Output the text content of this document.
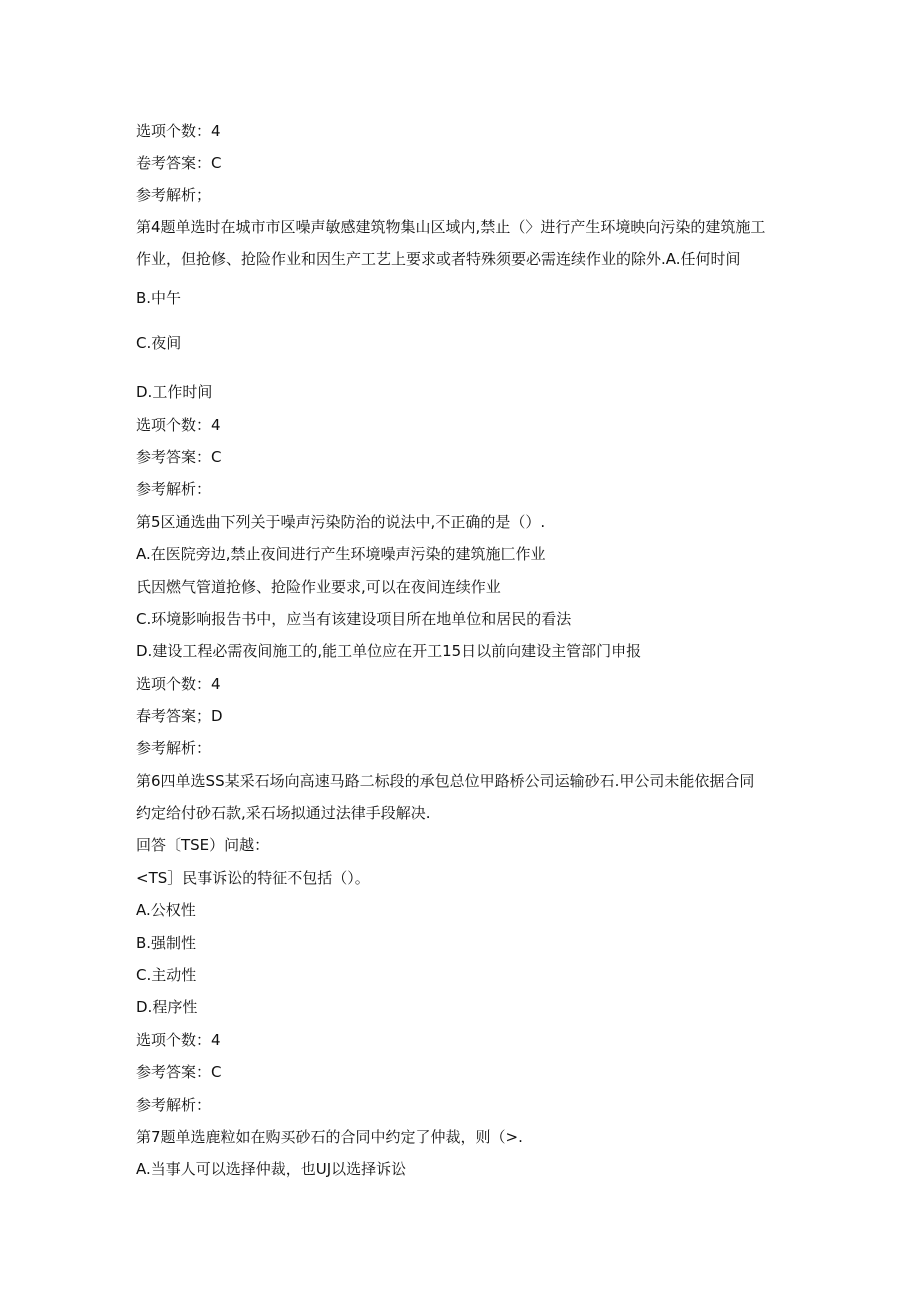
选项个数：4
卷考答案：C
参考解析；
第4题单选时在城市市区噪声敏感建筑物集山区域内,禁止（〉进行产生环境映向污染的建筑施工
作业，但抢修、抢险作业和因生产工艺上要求或者特殊须要必需连续作业的除外.A.任何时间
B.中午
C.夜间
D.工作时间
选项个数：4
参考答案：C
参考解析：
第5区通选曲下列关于噪声污染防治的说法中,不正确的是（）.
A.在医院旁边,禁止夜间进行产生环境噪声污染的建筑施匚作业
氏因燃气管道抢修、抢险作业要求,可以在夜间连续作业
C.环境影响报告书中，应当有该建设项目所在地单位和居民的看法
D.建设工程必需夜间施工的,能工单位应在开工15日以前向建设主管部门申报
选项个数：4
春考答案；D
参考解析：
第6四单选SS某采石场向高速马路二标段的承包总位甲路桥公司运输砂石.甲公司未能依据合同
约定给付砂石款,采石场拟通过法律手段解决.
回答〔TSE）问越：
<TS］民事诉讼的特征不包括（）。
A.公权性
B.强制性
C.主动性
D.程序性
选项个数：4
参考答案：C
参考解析：
第7题单选鹿粒如在购买砂石的合同中约定了仲裁，则（>.
A.当事人可以选择仲裁，也UJ以选择诉讼
